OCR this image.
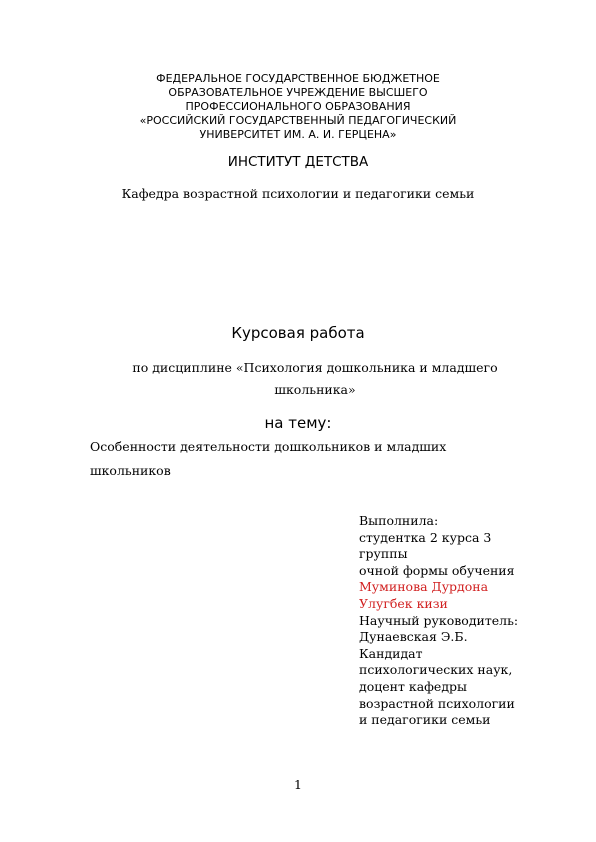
ФЕДЕРАЛЬНОЕ ГОСУДАРСТВЕННОЕ БЮДЖЕТНОЕ
ОБРАЗОВАТЕЛЬНОЕ УЧРЕЖДЕНИЕ ВЫСШЕГО
ПРОФЕССИОНАЛЬНОГО ОБРАЗОВАНИЯ
«РОССИЙСКИЙ ГОСУДАРСТВЕННЫЙ ПЕДАГОГИЧЕСКИЙ
УНИВЕРСИТЕТ ИМ. А. И. ГЕРЦЕНА»
ИНСТИТУТ ДЕТСТВА
Кафедра возрастной психологии и педагогики семьи
Курсовая работа
по дисциплине «Психология дошкольника и младшего
школьника»
на тему:
Особенности деятельности дошкольников и младших
школьников
Выполнила:
студентка 2 курса 3
группы
очной формы обучения
Муминова Дурдона
Улугбек кизи
Научный руководитель:
Дунаевская Э.Б.
Кандидат
психологических наук,
доцент кафедры
возрастной психологии
и педагогики семьи
1
